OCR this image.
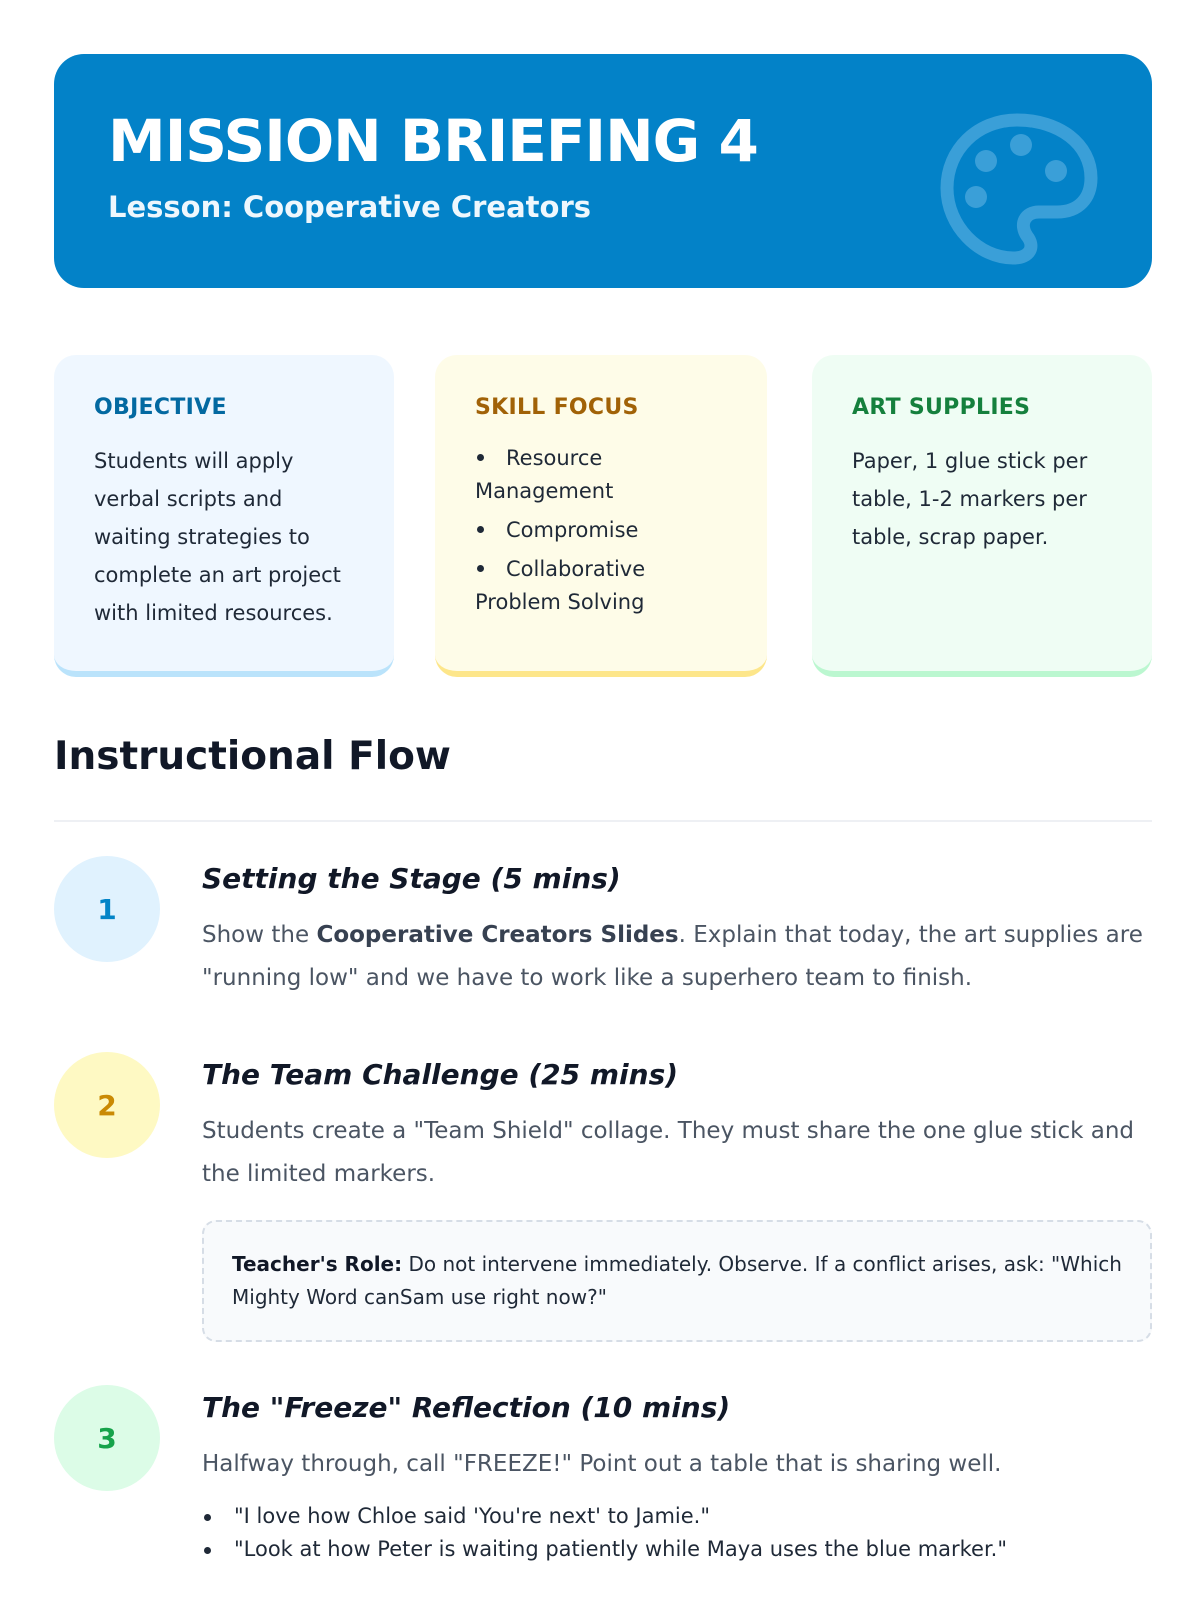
MISSION BRIEFING 4
Lesson: Cooperative Creators
OBJECTIVE
Students will apply verbal scripts and waiting strategies to complete an art project with limited resources.
SKILL FOCUS
Resource Management
Compromise
Collaborative Problem Solving
ART SUPPLIES
Paper, 1 glue stick per table, 1-2 markers per table, scrap paper.
Instructional Flow
1
Setting the Stage (5 mins)
Show the Cooperative Creators Slides. Explain that today, the art supplies are "running low" and we have to work like a superhero team to finish.
2
The Team Challenge (25 mins)
Students create a "Team Shield" collage. They must share the one glue stick and the limited markers.
Teacher's Role: Do not intervene immediately. Observe. If a conflict arises, ask: "Which Mighty Word canSam use right now?"
3
The "Freeze" Reflection (10 mins)
Halfway through, call "FREEZE!" Point out a table that is sharing well.
"I love how Chloe said 'You're next' to Jamie."
"Look at how Peter is waiting patiently while Maya uses the blue marker."
